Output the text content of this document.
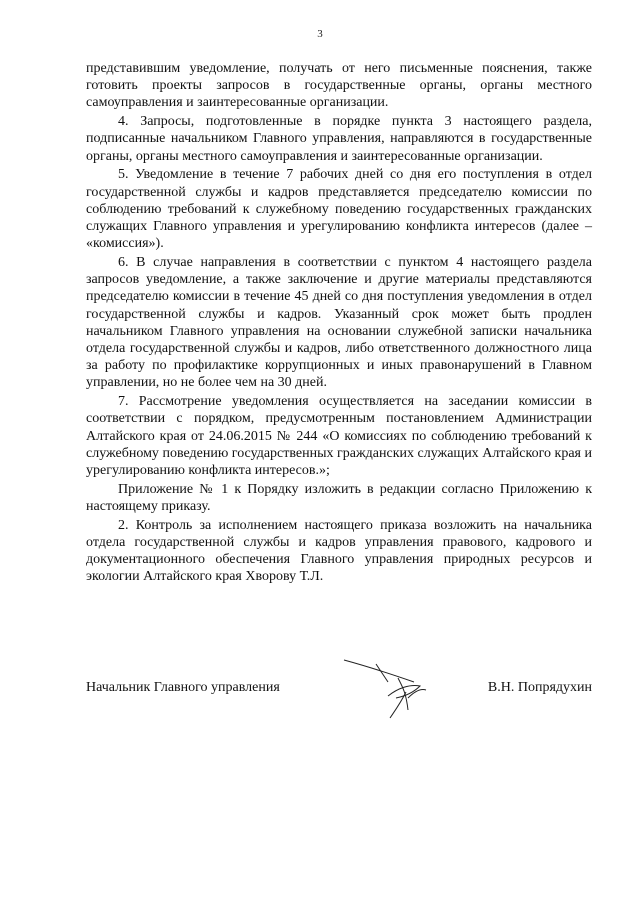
3

представившим уведомление, получать от него письменные пояснения, также готовить проекты запросов в государственные органы, органы местного самоуправления и заинтересованные организации.

4. Запросы, подготовленные в порядке пункта 3 настоящего раздела, подписанные начальником Главного управления, направляются в государственные органы, органы местного самоуправления и заинтересованные организации.

5. Уведомление в течение 7 рабочих дней со дня его поступления в отдел государственной службы и кадров представляется председателю комиссии по соблюдению требований к служебному поведению государственных гражданских служащих Главного управления и урегулированию конфликта интересов (далее – «комиссия»).

6. В случае направления в соответствии с пунктом 4 настоящего раздела запросов уведомление, а также заключение и другие материалы представляются председателю комиссии в течение 45 дней со дня поступления уведомления в отдел государственной службы и кадров. Указанный срок может быть продлен начальником Главного управления на основании служебной записки начальника отдела государственной службы и кадров, либо ответственного должностного лица за работу по профилактике коррупционных и иных правонарушений в Главном управлении, но не более чем на 30 дней.

7. Рассмотрение уведомления осуществляется на заседании комиссии в соответствии с порядком, предусмотренным постановлением Администрации Алтайского края от 24.06.2015 № 244 «О комиссиях по соблюдению требований к служебному поведению государственных гражданских служащих Алтайского края и урегулированию конфликта интересов.»;

Приложение № 1 к Порядку изложить в редакции согласно Приложению к настоящему приказу.

2. Контроль за исполнением настоящего приказа возложить на начальника отдела государственной службы и кадров управления правового, кадрового и документационного обеспечения Главного управления природных ресурсов и экологии Алтайского края Хворову Т.Л.

Начальник Главного управления	В.Н. Попрядухин
